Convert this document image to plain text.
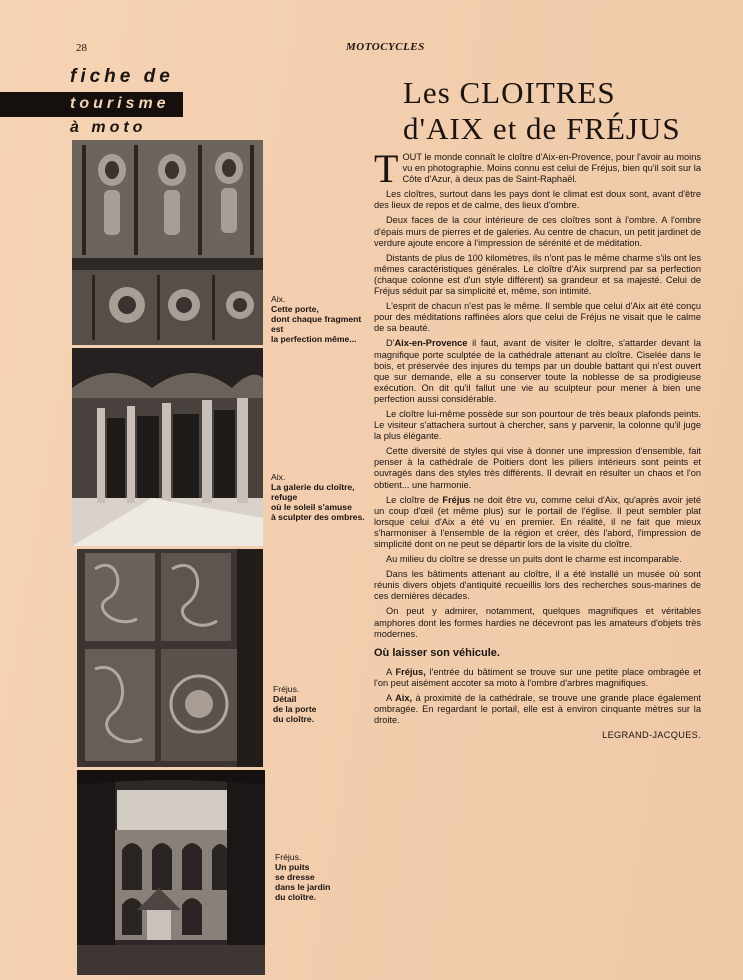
28	MOTOCYCLES
fiche de
tourisme
à moto
Les CLOITRES
d'AIX et de FRÉJUS
Aix.
Cette porte,
dont chaque fragment
est
la perfection même...
Aix.
La galerie du cloître,
refuge
où le soleil s'amuse
à sculpter des ombres.
Fréjus.
Détail
de la porte
du cloître.
Fréjus.
Un puits
se dresse
dans le jardin
du cloître.

TOUT le monde connaît le cloître d'Aix-en-Provence, pour l'avoir au moins vu en photographie. Moins connu est celui de Fréjus, bien qu'il soit sur la Côte d'Azur, à deux pas de Saint-Raphaël.

Les cloîtres, surtout dans les pays dont le climat est doux sont, avant d'être des lieux de repos et de calme, des lieux d'ombre.

Deux faces de la cour intérieure de ces cloîtres sont à l'ombre. A l'ombre d'épais murs de pierres et de galeries. Au centre de chacun, un petit jardinet de verdure ajoute encore à l'impression de sérénité et de méditation.

Distants de plus de 100 kilomètres, ils n'ont pas le même charme s'ils ont les mêmes caractéristiques générales. Le cloître d'Aix surprend par sa perfection (chaque colonne est d'un style différent) sa grandeur et sa majesté. Celui de Fréjus séduit par sa simplicité et, même, son intimité.

L'esprit de chacun n'est pas le même. Il semble que celui d'Aix ait été conçu pour des méditations raffinées alors que celui de Fréjus ne visait que le calme de sa beauté.

D'Aix-en-Provence il faut, avant de visiter le cloître, s'attarder devant la magnifique porte sculptée de la cathédrale attenant au cloître. Ciselée dans le bois, et préservée des injures du temps par un double battant qui n'est ouvert que sur demande, elle a su conserver toute la noblesse de sa prodigieuse exécution. On dit qu'il fallut une vie au sculpteur pour mener à bien une perfection aussi considérable.

Le cloître lui-même possède sur son pourtour de très beaux plafonds peints. Le visiteur s'attachera surtout à chercher, sans y parvenir, la colonne qu'il juge la plus élégante.

Cette diversité de styles qui vise à donner une impression d'ensemble, fait penser à la cathédrale de Poitiers dont les piliers intérieurs sont peints et ouvragés dans des styles très différents. Il devrait en résulter un chaos et l'on obtient... une harmonie.

Le cloître de Fréjus ne doit être vu, comme celui d'Aix, qu'après avoir jeté un coup d'œil (et même plus) sur le portail de l'église. Il peut sembler plat lorsque celui d'Aix a été vu en premier. En réalité, il ne fait que mieux s'harmoniser à l'ensemble de la région et créer, dès l'abord, l'impression de simplicité dont on ne peut se départir lors de la visite du cloître.

Au milieu du cloître se dresse un puits dont le charme est incomparable.

Dans les bâtiments attenant au cloître, il a été installé un musée où sont réunis divers objets d'antiquité recueillis lors des recherches sous-marines de ces dernières décades.

On peut y admirer, notamment, quelques magnifiques et véritables amphores dont les formes hardies ne décevront pas les amateurs d'objets très modernes.

Où laisser son véhicule.

A Fréjus, l'entrée du bâtiment se trouve sur une petite place ombragée et l'on peut aisément accoter sa moto à l'ombre d'arbres magnifiques.

A Aix, à proximité de la cathédrale, se trouve une grande place également ombragée. En regardant le portail, elle est à environ cinquante mètres sur la droite.

LEGRAND-JACQUES.
